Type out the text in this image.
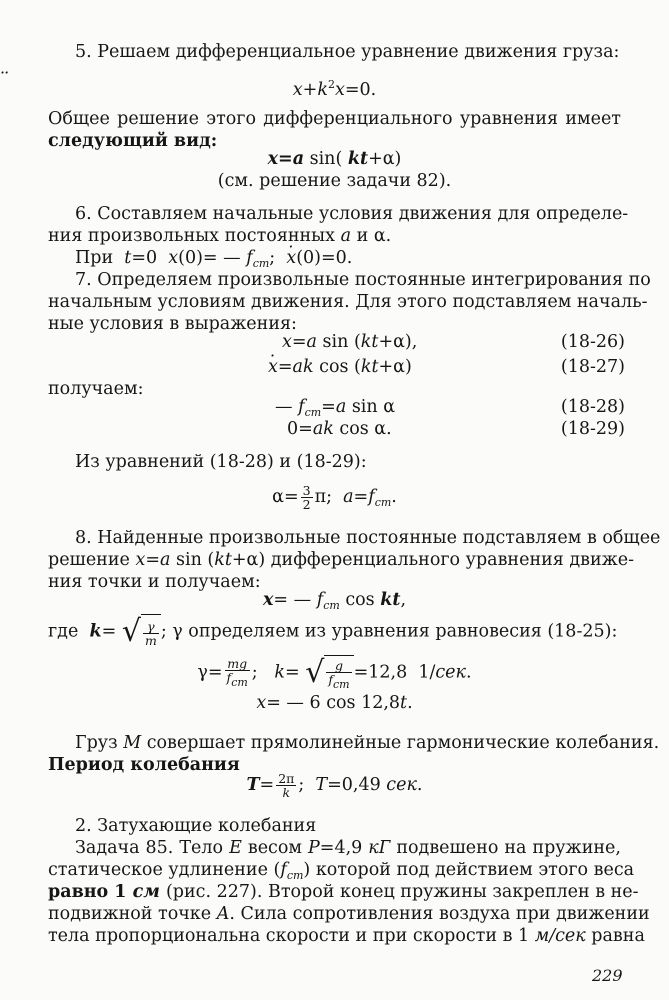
5. Решаем дифференциальное уравнение движения груза:
$x \cdot\cdot+k^2x=0$.
Общее решение этого дифференциального уравнения имеет
следующий вид:
x=a sin( kt+α)
(см. решение задачи 82).
6. Составляем начальные условия движения для определе-
ния произвольных постоянных a и α.
При  t=0  x(0)= — $f_{cm}$;  x ·(0)=0.
7. Определяем произвольные постоянные интегрирования по
начальным условиям движения. Для этого подставляем началь-
ные условия в выражения:
x=a sin (kt+α),	(18-26)
x ·=ak cos (kt+α)	(18-27)
получаем:
— $f_{cm}=a$ sin α	(18-28)
0=ak cos α.	(18-29)
Из уравнений (18-28) и (18-29):
$\alpha= \frac{3}{2} \pi$;  $a=f_{cm}$.
8. Найденные произвольные постоянные подставляем в общее
решение x=a sin (kt+α) дифференциального уравнения движе-
ния точки и получаем:
x= — $f_{cm}$ cos kt,
где k= √ $\frac{\gamma}{m}$ ; γ определяем из уравнения равновесия (18-25):
$\gamma= \frac{mg}{\text{fcm}}$ ;   k= √ $\frac{g}{\text{fcm}} =12,8$  1/сек.
x= — 6 cos 12,8t.
Груз M совершает прямолинейные гармонические колебания.
Период колебания
$T= \frac{2\pi}{k}$ ;  T=0,49 сек.
2. Затухающие колебания
Задача 85. Тело E весом P=4,9 кГ подвешено на пружине,
статическое удлинение $(f_{cm})$ которой под действием этого веса
равно 1 см (рис. 227). Второй конец пружины закреплен в не-
подвижной точке A. Сила сопротивления воздуха при движении
тела пропорциональна скорости и при скорости в 1 м/сек равна
229
